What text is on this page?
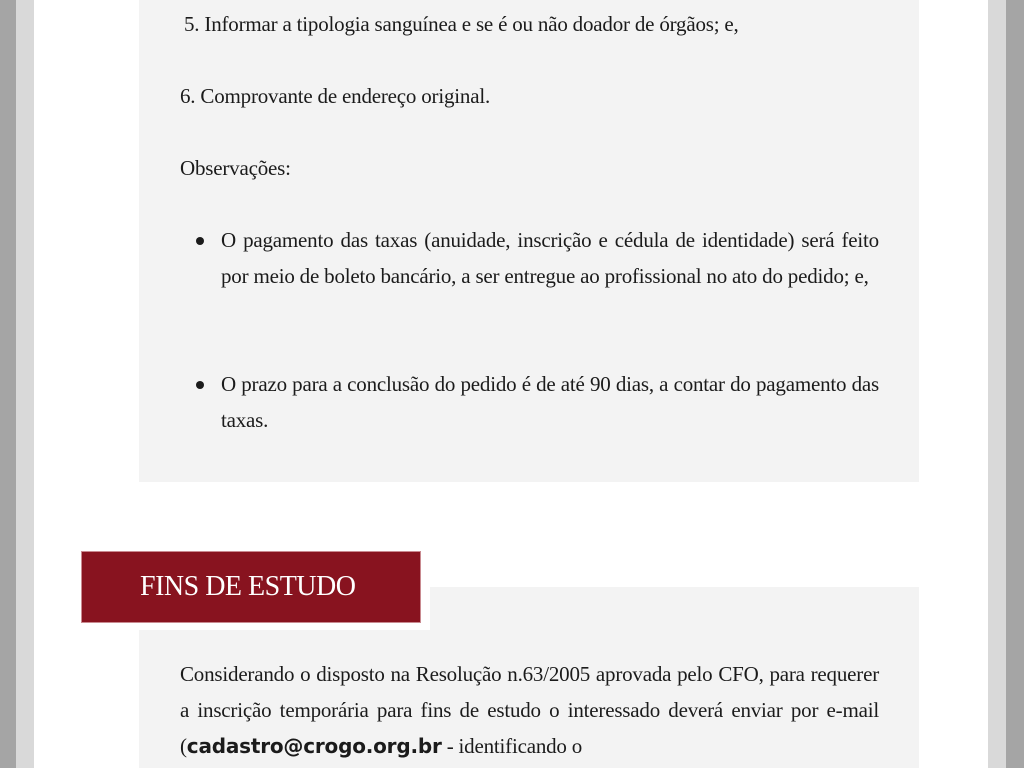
5. Informar a tipologia sanguínea e se é ou não doador de órgãos; e,

6. Comprovante de endereço original.

Observações:

O pagamento das taxas (anuidade, inscrição e cédula de identidade) será feito por meio de boleto bancário, a ser entregue ao profissional no ato do pedido; e,

O prazo para a conclusão do pedido é de até 90 dias, a contar do pagamento das taxas.

FINS DE ESTUDO

Considerando o disposto na Resolução n.63/2005 aprovada pelo CFO, para requerer a inscrição temporária para fins de estudo o interessado deverá enviar por e-mail (cadastro@crogo.org.br - identificando o
